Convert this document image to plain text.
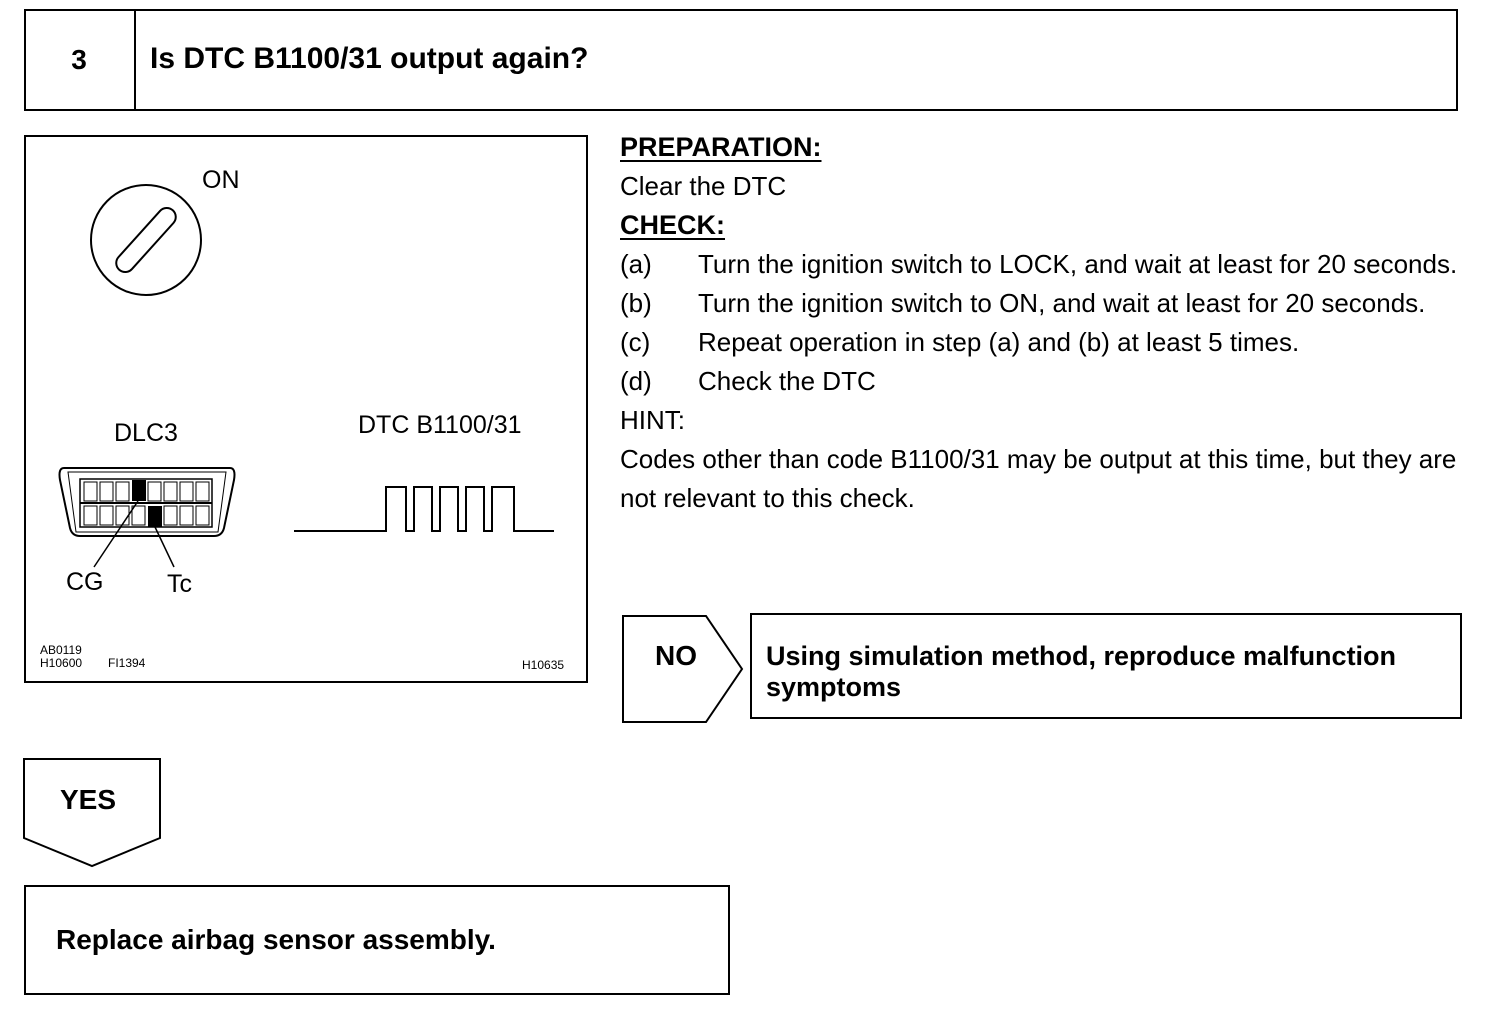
3	Is DTC B1100/31 output again?
ON
DLC3
CG	Tc
DTC B1100/31
AB0119
H10600 FI1394	H10635
PREPARATION:
Clear the DTC
CHECK:
(a)	Turn the ignition switch to LOCK, and wait at least for 20 seconds.
(b)	Turn the ignition switch to ON, and wait at least for 20 seconds.
(c)	Repeat operation in step (a) and (b) at least 5 times.
(d)	Check the DTC
HINT:
Codes other than code B1100/31 may be output at this time, but they are not relevant to this check.
NO	Using simulation method, reproduce malfunction symptoms
YES
Replace airbag sensor assembly.
